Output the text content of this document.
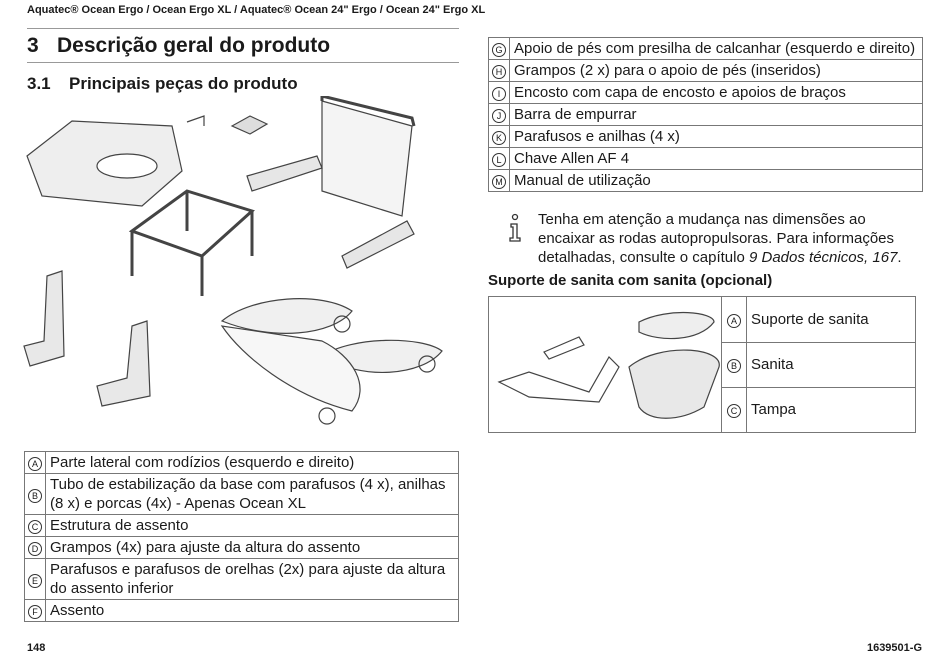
Aquatec® Ocean Ergo / Ocean Ergo XL / Aquatec® Ocean 24" Ergo / Ocean 24" Ergo XL
3 Descrição geral do produto
3.1 Principais peças do produto
A	Parte lateral com rodízios (esquerdo e direito)
B	Tubo de estabilização da base com parafusos (4 x), anilhas (8 x) e porcas (4x) - Apenas Ocean XL
C	Estrutura de assento
D	Grampos (4x) para ajuste da altura do assento
E	Parafusos e parafusos de orelhas (2x) para ajuste da altura do assento inferior
F	Assento
G	Apoio de pés com presilha de calcanhar (esquerdo e direito)
H	Grampos (2 x) para o apoio de pés (inseridos)
I	Encosto com capa de encosto e apoios de braços
J	Barra de empurrar
K	Parafusos e anilhas (4 x)
L	Chave Allen AF 4
M	Manual de utilização
Tenha em atenção a mudança nas dimensões ao encaixar as rodas autopropulsoras. Para informações detalhadas, consulte o capítulo 9 Dados técnicos, 167.
Suporte de sanita com sanita (opcional)
	A	Suporte de sanita
	B	Sanita
	C	Tampa
148	1639501-G
